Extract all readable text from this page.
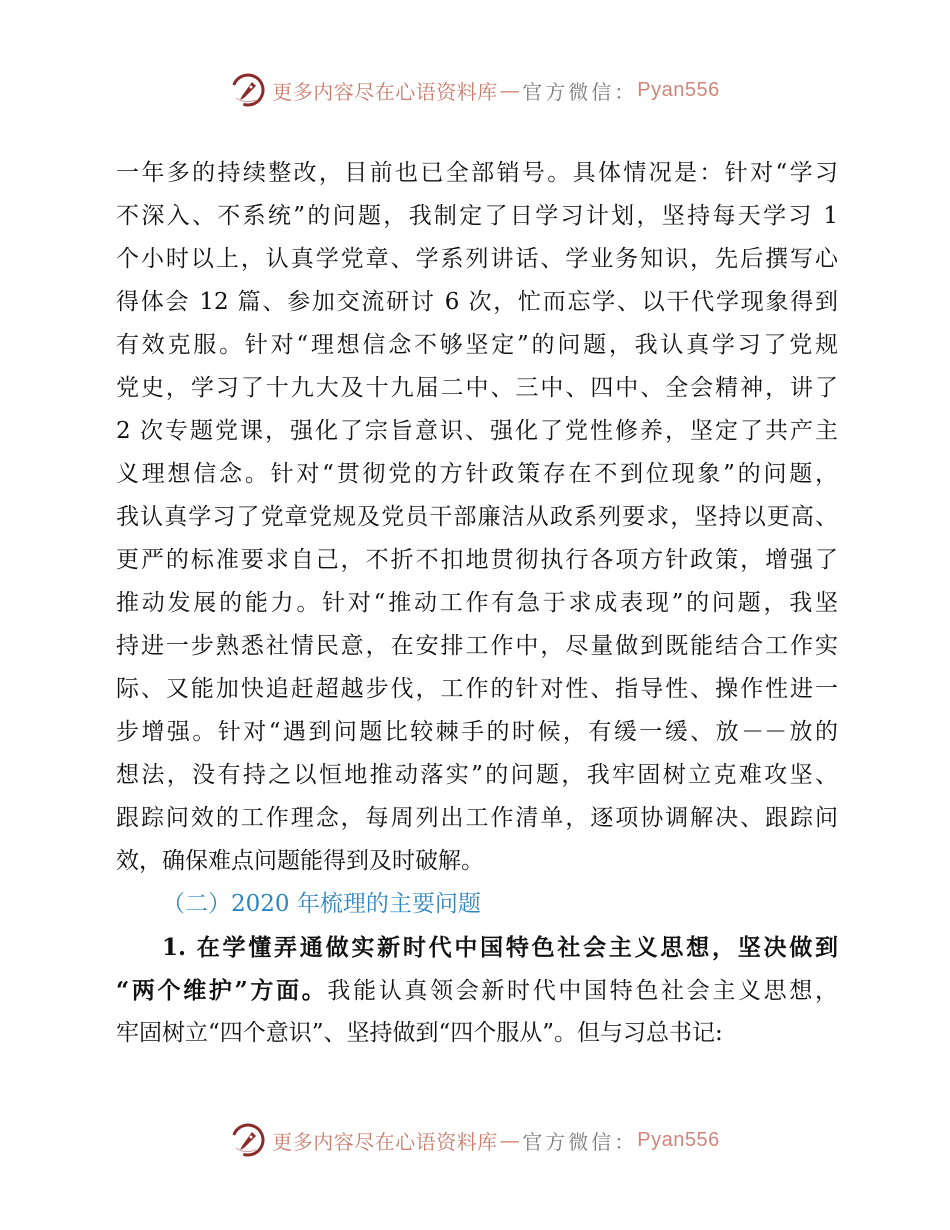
更多内容尽在心语资料库 — 官方微信： Pyan556
一年多的持续整改，目前也已全部销号。具体情况是：针对“学习
不深入、不系统”的问题，我制定了日学习计划，坚持每天学习 1
个小时以上，认真学党章、学系列讲话、学业务知识，先后撰写心
得体会 12 篇、参加交流研讨 6 次，忙而忘学、以干代学现象得到
有效克服。针对“理想信念不够坚定”的问题，我认真学习了党规
党史，学习了十九大及十九届二中、三中、四中、全会精神，讲了
2 次专题党课，强化了宗旨意识、强化了党性修养，坚定了共产主
义理想信念。针对“贯彻党的方针政策存在不到位现象”的问题，
我认真学习了党章党规及党员干部廉洁从政系列要求，坚持以更高、
更严的标准要求自己，不折不扣地贯彻执行各项方针政策，增强了
推动发展的能力。针对“推动工作有急于求成表现”的问题，我坚
持进一步熟悉社情民意，在安排工作中，尽量做到既能结合工作实
际、又能加快追赶超越步伐，工作的针对性、指导性、操作性进一
步增强。针对“遇到问题比较棘手的时候，有缓一缓、放－－放的
想法，没有持之以恒地推动落实”的问题，我牢固树立克难攻坚、
跟踪问效的工作理念，每周列出工作清单，逐项协调解决、跟踪问
效，确保难点问题能得到及时破解。
（二）2020 年梳理的主要问题
1. 在学懂弄通做实新时代中国特色社会主义思想，坚决做到
“两个维护”方面。我能认真领会新时代中国特色社会主义思想，
牢固树立“四个意识”、坚持做到“四个服从”。但与习总书记:
更多内容尽在心语资料库 — 官方微信： Pyan556
